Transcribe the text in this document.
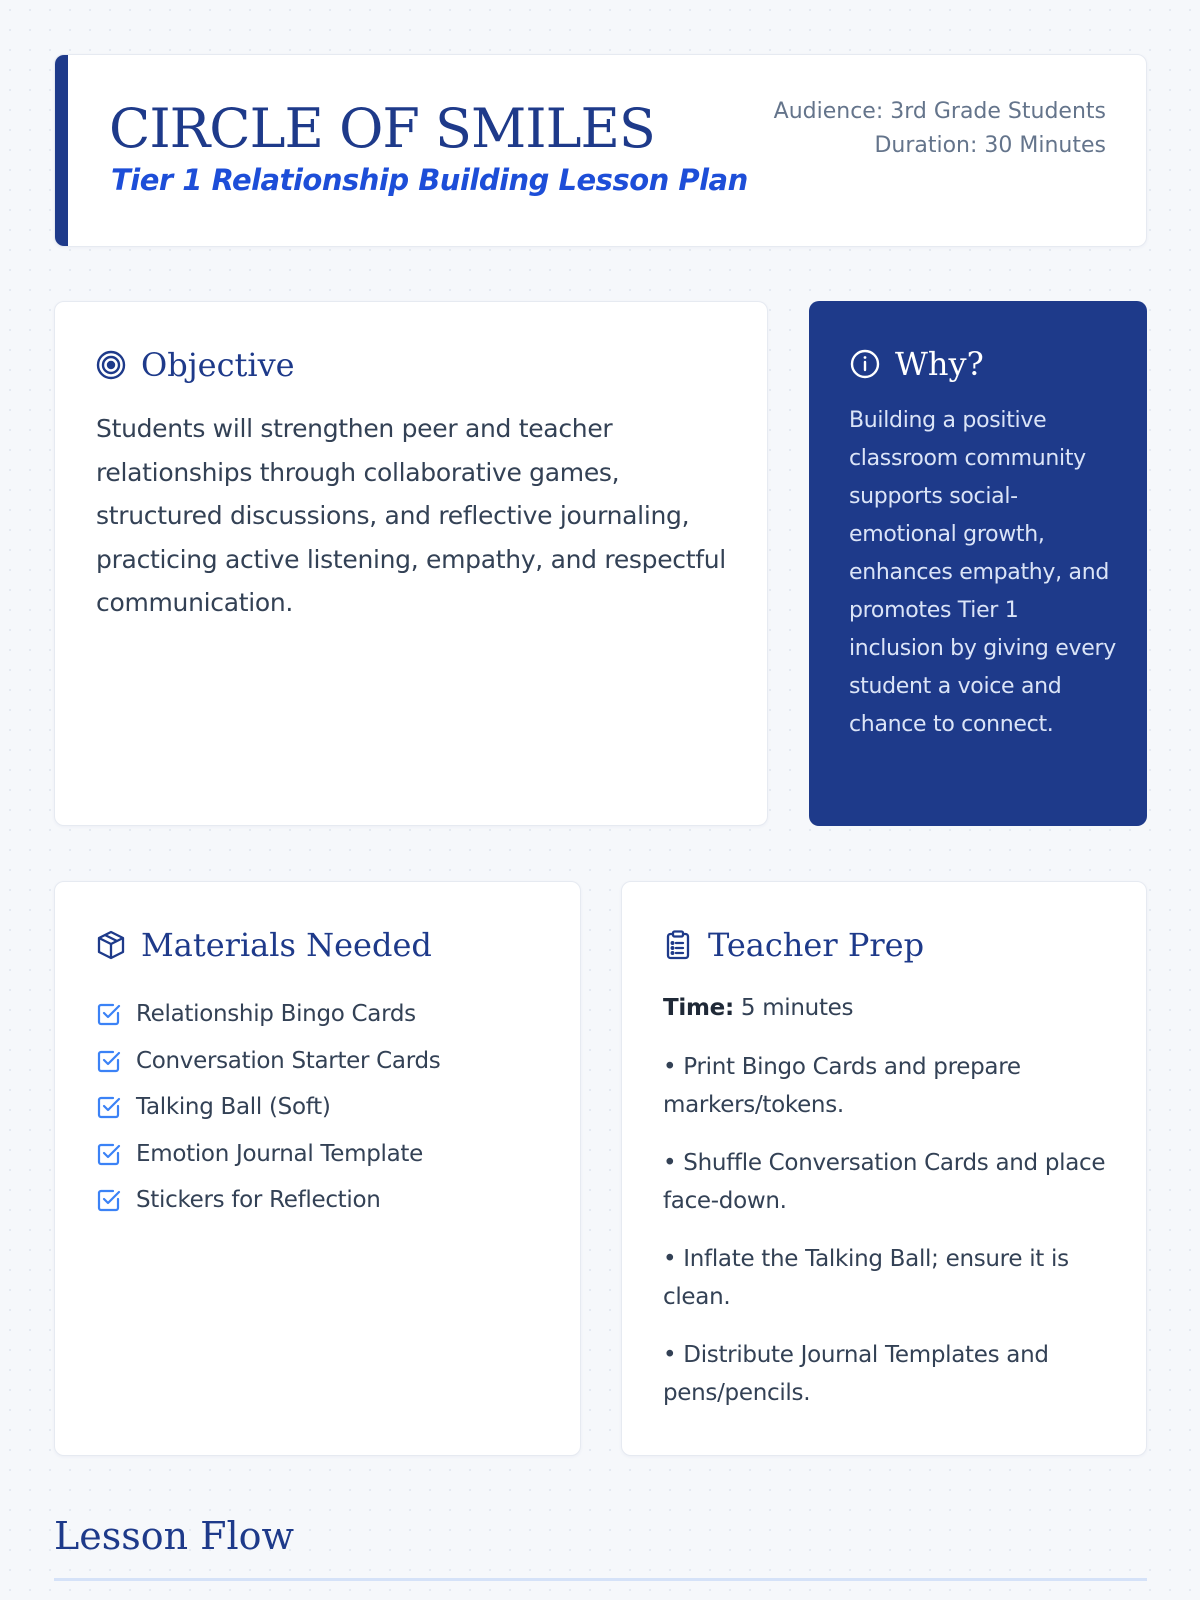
CIRCLE OF SMILES

Tier 1 Relationship Building Lesson Plan

Audience: 3rd Grade Students
Duration: 30 Minutes
Objective

Students will strengthen peer and teacher relationships through collaborative games, structured discussions, and reflective journaling, practicing active listening, empathy, and respectful communication.

Why?

Building a positive classroom community supports social-emotional growth, enhances empathy, and promotes Tier 1 inclusion by giving every student a voice and chance to connect.

Materials Needed
Relationship Bingo Cards
Conversation Starter Cards
Talking Ball (Soft)
Emotion Journal Template
Stickers for Reflection
Teacher Prep

Time: 5 minutes

• Print Bingo Cards and prepare markers/tokens.
• Shuffle Conversation Cards and place face-down.
• Inflate the Talking Ball; ensure it is clean.
• Distribute Journal Templates and pens/pencils.
Lesson Flow
